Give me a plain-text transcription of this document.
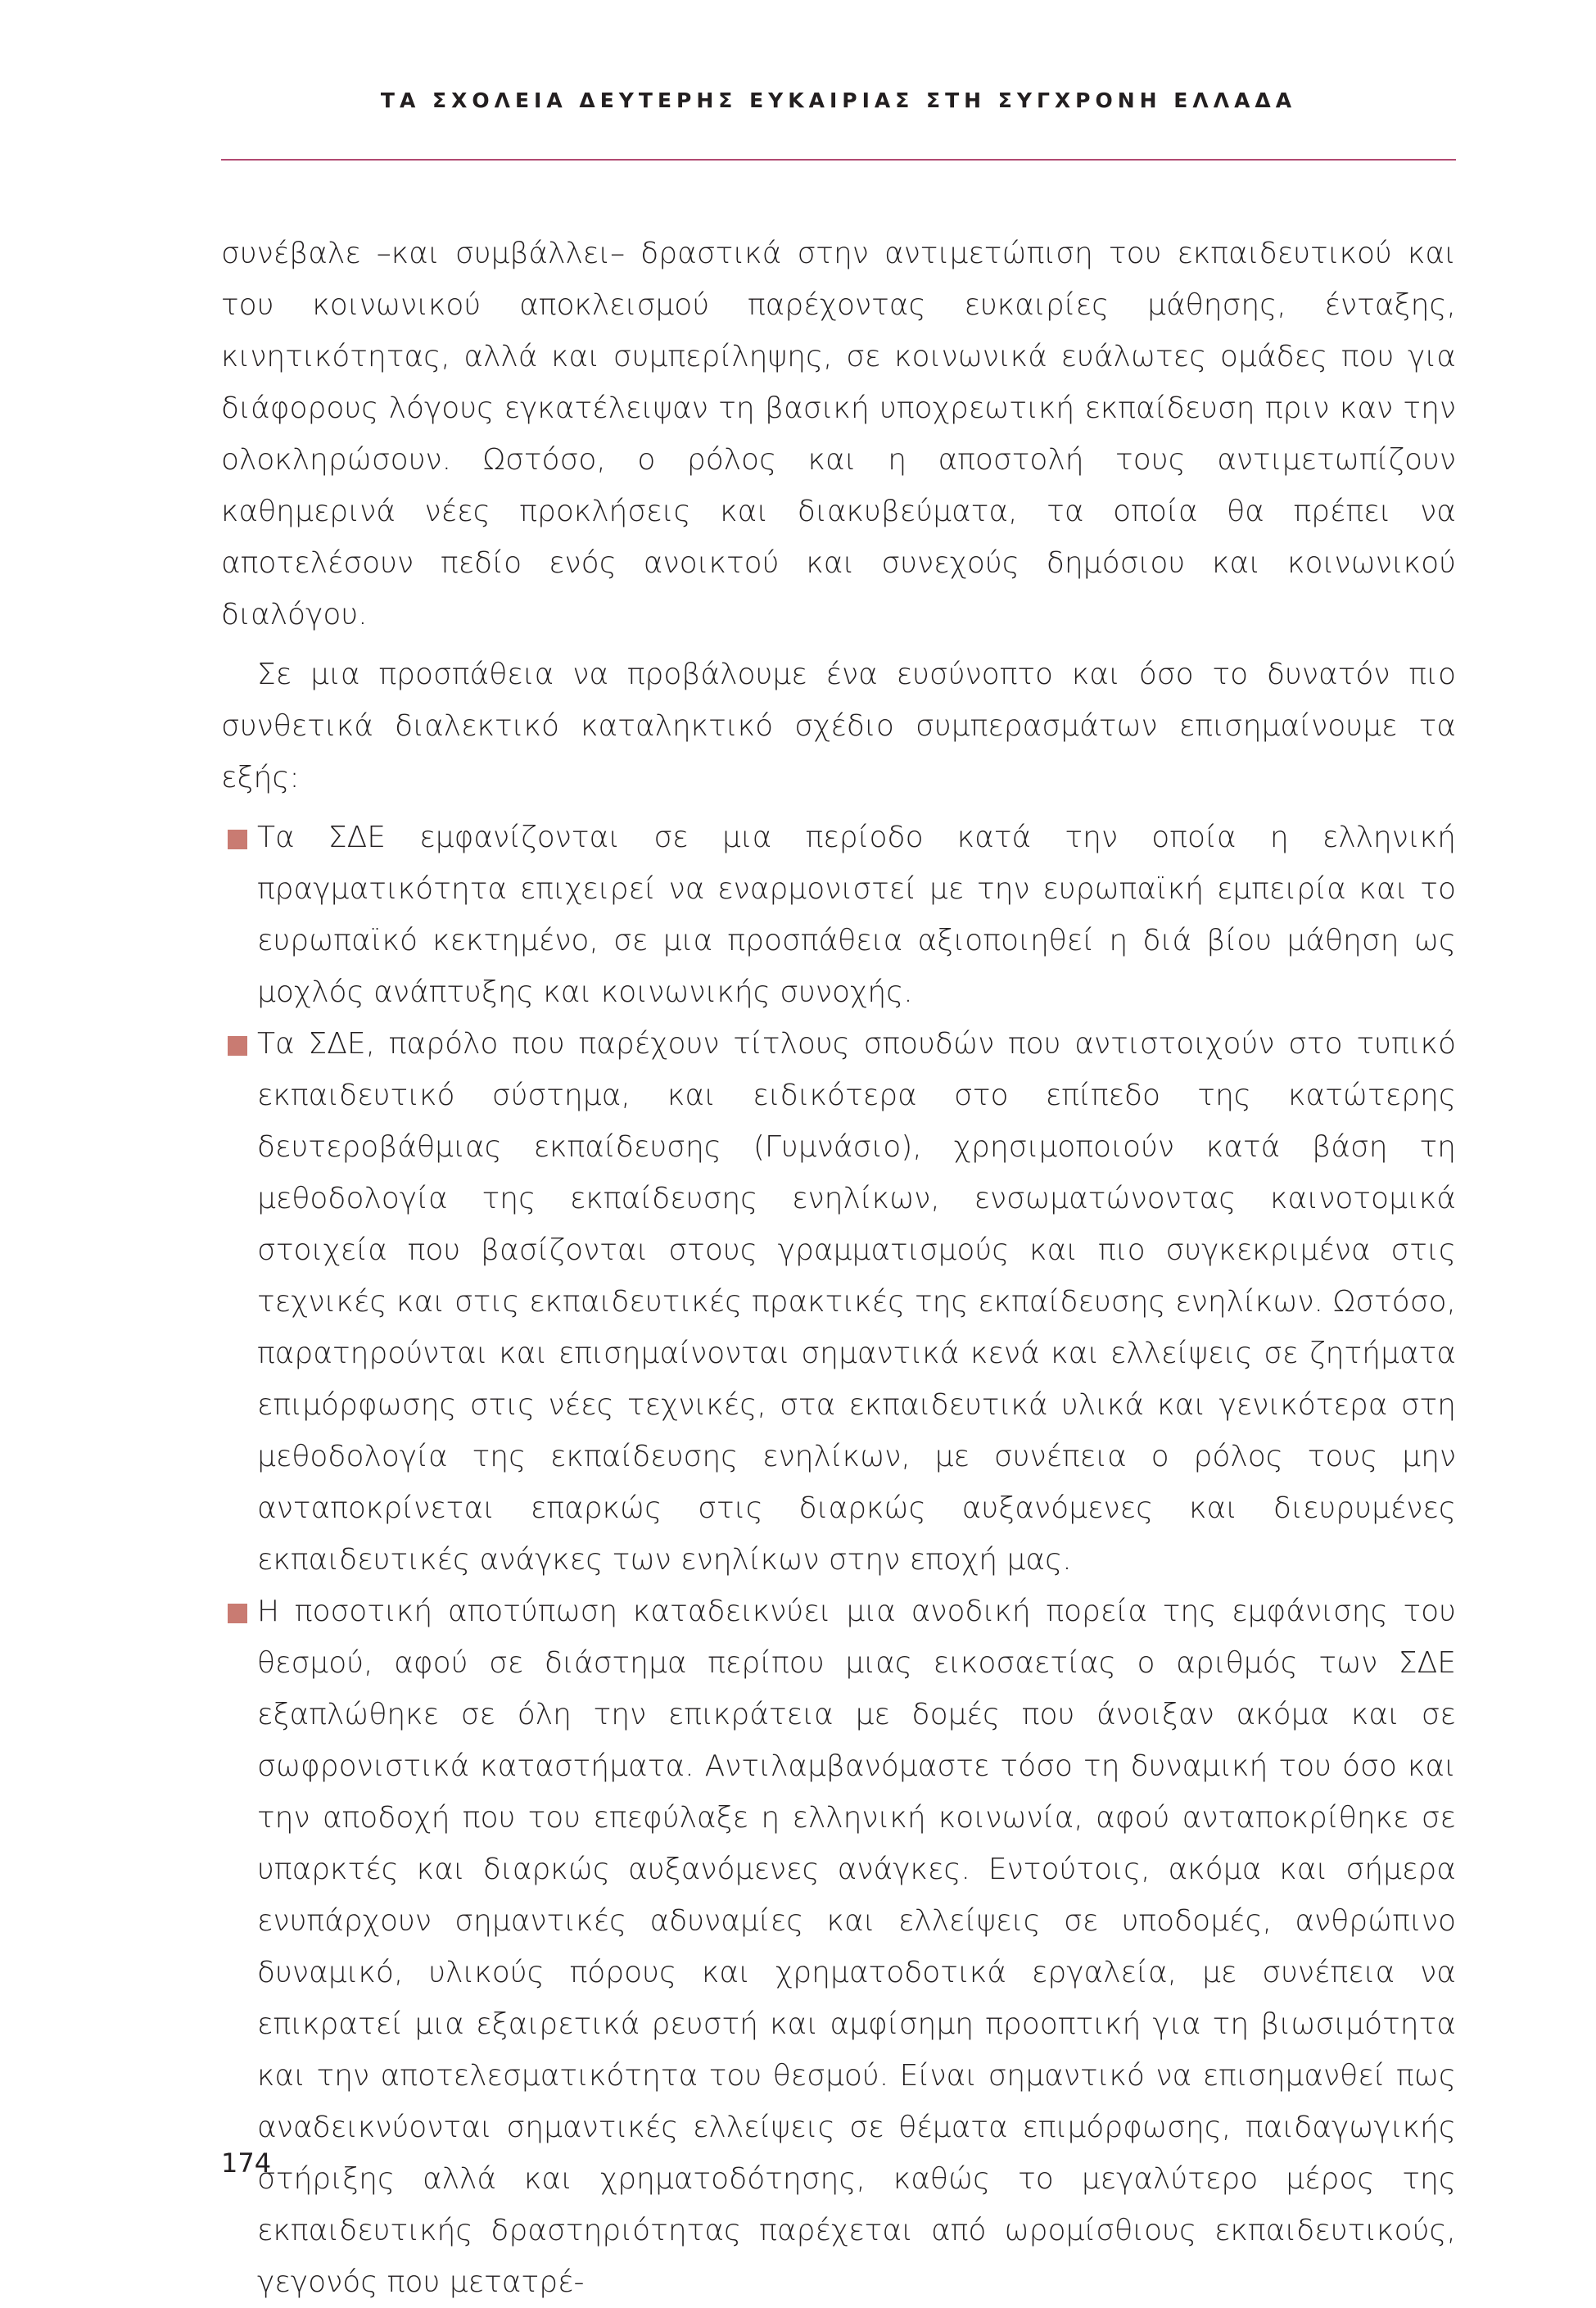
ΤΑ ΣΧΟΛΕΙΑ ΔΕΥΤΕΡΗΣ ΕΥΚΑΙΡΙΑΣ ΣΤΗ ΣΥΓΧΡΟΝΗ ΕΛΛΑΔΑ

συνέβαλε –και συμβάλλει– δραστικά στην αντιμετώπιση του εκπαιδευτικού και του κοινωνικού αποκλεισμού παρέχοντας ευκαιρίες μάθησης, ένταξης, κινητικότητας, αλλά και συμπερίληψης, σε κοινωνικά ευάλωτες ομάδες που για διάφορους λόγους εγκατέλειψαν τη βασική υποχρεωτική εκπαίδευση πριν καν την ολοκληρώσουν. Ωστόσο, ο ρόλος και η αποστολή τους αντιμετωπίζουν καθημερινά νέες προκλήσεις και διακυβεύματα, τα οποία θα πρέπει να αποτελέσουν πεδίο ενός ανοικτού και συνεχούς δημόσιου και κοινωνικού διαλόγου.

Σε μια προσπάθεια να προβάλουμε ένα ευσύνοπτο και όσο το δυνατόν πιο συνθετικά διαλεκτικό καταληκτικό σχέδιο συμπερασμάτων επισημαίνουμε τα εξής:

Τα ΣΔΕ εμφανίζονται σε μια περίοδο κατά την οποία η ελληνική πραγματικότητα επιχειρεί να εναρμονιστεί με την ευρωπαϊκή εμπειρία και το ευρωπαϊκό κεκτημένο, σε μια προσπάθεια αξιοποιηθεί η διά βίου μάθηση ως μοχλός ανάπτυξης και κοινωνικής συνοχής.

Τα ΣΔΕ, παρόλο που παρέχουν τίτλους σπουδών που αντιστοιχούν στο τυπικό εκπαιδευτικό σύστημα, και ειδικότερα στο επίπεδο της κατώτερης δευτεροβάθμιας εκπαίδευσης (Γυμνάσιο), χρησιμοποιούν κατά βάση τη μεθοδολογία της εκπαίδευσης ενηλίκων, ενσωματώνοντας καινοτομικά στοιχεία που βασίζονται στους γραμματισμούς και πιο συγκεκριμένα στις τεχνικές και στις εκπαιδευτικές πρακτικές της εκπαίδευσης ενηλίκων. Ωστόσο, παρατηρούνται και επισημαίνονται σημαντικά κενά και ελλείψεις σε ζητήματα επιμόρφωσης στις νέες τεχνικές, στα εκπαιδευτικά υλικά και γενικότερα στη μεθοδολογία της εκπαίδευσης ενηλίκων, με συνέπεια ο ρόλος τους μην ανταποκρίνεται επαρκώς στις διαρκώς αυξανόμενες και διευρυμένες εκπαιδευτικές ανάγκες των ενηλίκων στην εποχή μας.

Η ποσοτική αποτύπωση καταδεικνύει μια ανοδική πορεία της εμφάνισης του θεσμού, αφού σε διάστημα περίπου μιας εικοσαετίας ο αριθμός των ΣΔΕ εξαπλώθηκε σε όλη την επικράτεια με δομές που άνοιξαν ακόμα και σε σωφρονιστικά καταστήματα. Αντιλαμβανόμαστε τόσο τη δυναμική του όσο και την αποδοχή που του επεφύλαξε η ελληνική κοινωνία, αφού ανταποκρίθηκε σε υπαρκτές και διαρκώς αυξανόμενες ανάγκες. Εντούτοις, ακόμα και σήμερα ενυπάρχουν σημαντικές αδυναμίες και ελλείψεις σε υποδομές, ανθρώπινο δυναμικό, υλικούς πόρους και χρηματοδοτικά εργαλεία, με συνέπεια να επικρατεί μια εξαιρετικά ρευστή και αμφίσημη προοπτική για τη βιωσιμότητα και την αποτελεσματικότητα του θεσμού. Είναι σημαντικό να επισημανθεί πως αναδεικνύονται σημαντικές ελλείψεις σε θέματα επιμόρφωσης, παιδαγωγικής στήριξης αλλά και χρηματοδότησης, καθώς το μεγαλύτερο μέρος της εκπαιδευτικής δραστηριότητας παρέχεται από ωρομίσθιους εκπαιδευτικούς, γεγονός που μετατρέ-

174
